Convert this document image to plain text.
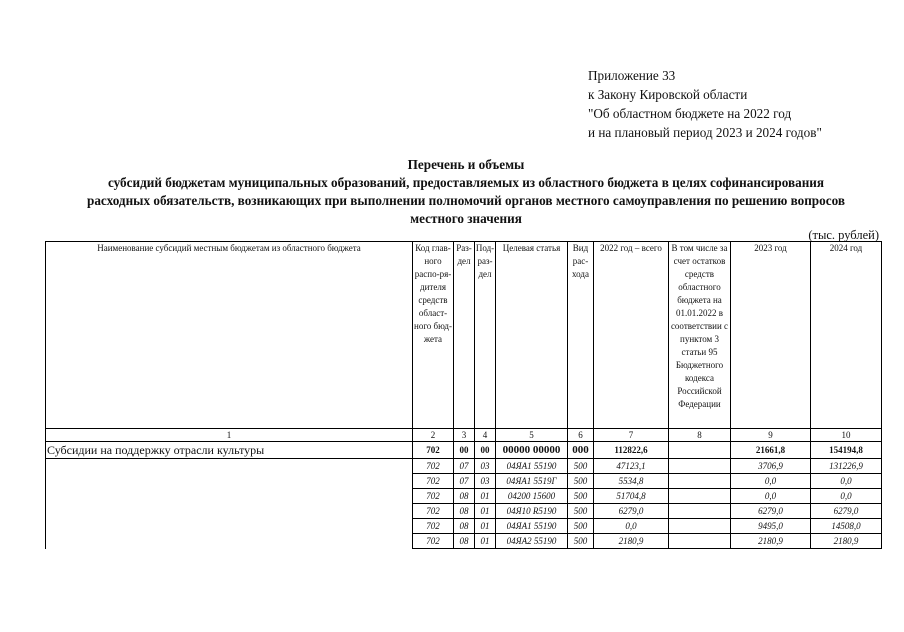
Приложение 33
к Закону Кировской области
"Об областном бюджете на 2022 год
и на плановый период 2023 и 2024 годов"
Перечень и объемы
субсидий бюджетам муниципальных образований, предоставляемых из областного бюджета в целях софинансирования
расходных обязательств, возникающих при выполнении полномочий органов местного самоуправления по решению вопросов
местного значения
(тыс. рублей)
Наименование субсидий местным бюджетам из областного бюджета	Код глав-ного распо-ря-дителя средств област-ного бюд-жета	Раз-дел	Под-раз-дел	Целевая статья	Вид рас-хода	2022 год – всего	В том числе за счет остатков средств областного бюджета на 01.01.2022 в соответствии с пунктом 3 статьи 95 Бюджетного кодекса Российской Федерации	2023 год	2024 год
1	2	3	4	5	6	7	8	9	10
Субсидии на поддержку отрасли культуры	702	00	00	00000 00000	000	112822,6		21661,8	154194,8
	702	07	03	04ЯA1 55190	500	47123,1		3706,9	131226,9
	702	07	03	04ЯA1 5519Г	500	5534,8		0,0	0,0
	702	08	01	04200 15600	500	51704,8		0,0	0,0
	702	08	01	04Я10 R5190	500	6279,0		6279,0	6279,0
	702	08	01	04ЯA1 55190	500	0,0		9495,0	14508,0
	702	08	01	04ЯA2 55190	500	2180,9		2180,9	2180,9
